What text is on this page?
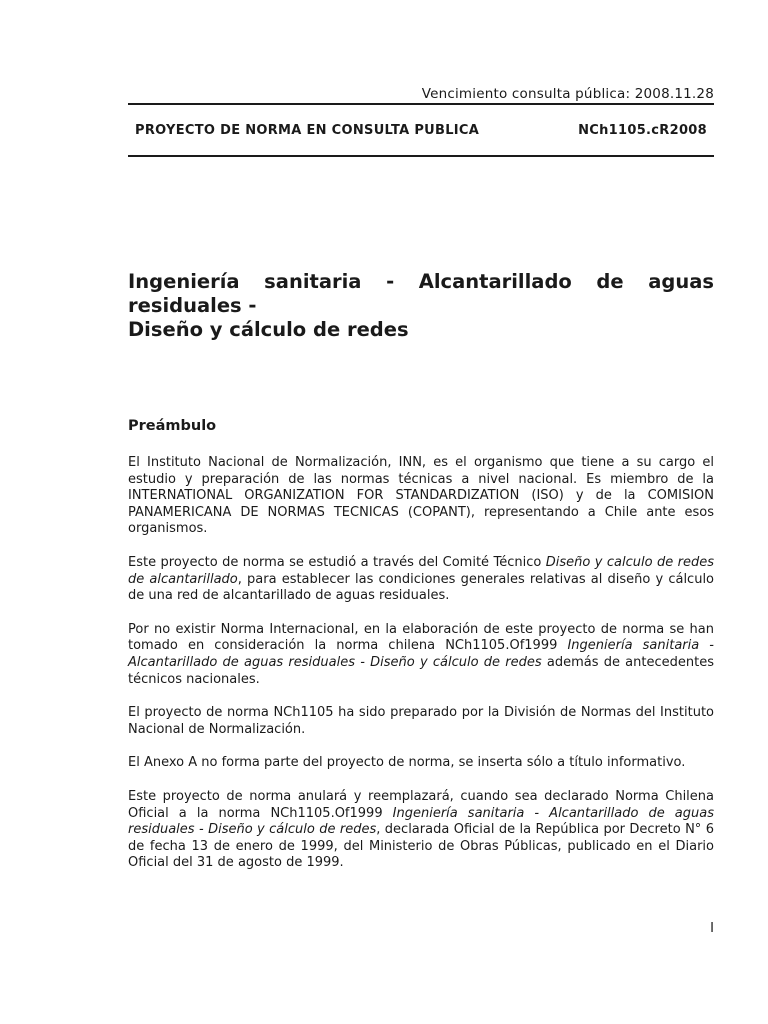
Vencimiento consulta pública: 2008.11.28
PROYECTO DE NORMA EN CONSULTA PUBLICA	NCh1105.cR2008
Ingeniería sanitaria - Alcantarillado de aguas residuales -
Diseño y cálculo de redes
Preámbulo

El Instituto Nacional de Normalización, INN, es el organismo que tiene a su cargo el estudio y preparación de las normas técnicas a nivel nacional. Es miembro de la INTERNATIONAL ORGANIZATION FOR STANDARDIZATION (ISO) y de la COMISION PANAMERICANA DE NORMAS TECNICAS (COPANT), representando a Chile ante esos organismos.

Este proyecto de norma se estudió a través del Comité Técnico Diseño y calculo de redes de alcantarillado, para establecer las condiciones generales relativas al diseño y cálculo de una red de alcantarillado de aguas residuales.

Por no existir Norma Internacional, en la elaboración de este proyecto de norma se han tomado en consideración la norma chilena NCh1105.Of1999 Ingeniería sanitaria - Alcantarillado de aguas residuales - Diseño y cálculo de redes además de antecedentes técnicos nacionales.

El proyecto de norma NCh1105 ha sido preparado por la División de Normas del Instituto Nacional de Normalización.

El Anexo A no forma parte del proyecto de norma, se inserta sólo a título informativo.

Este proyecto de norma anulará y reemplazará, cuando sea declarado Norma Chilena Oficial a la norma NCh1105.Of1999 Ingeniería sanitaria - Alcantarillado de aguas residuales - Diseño y cálculo de redes, declarada Oficial de la República por Decreto N° 6 de fecha 13 de enero de 1999, del Ministerio de Obras Públicas, publicado en el Diario Oficial del 31 de agosto de 1999.

I
